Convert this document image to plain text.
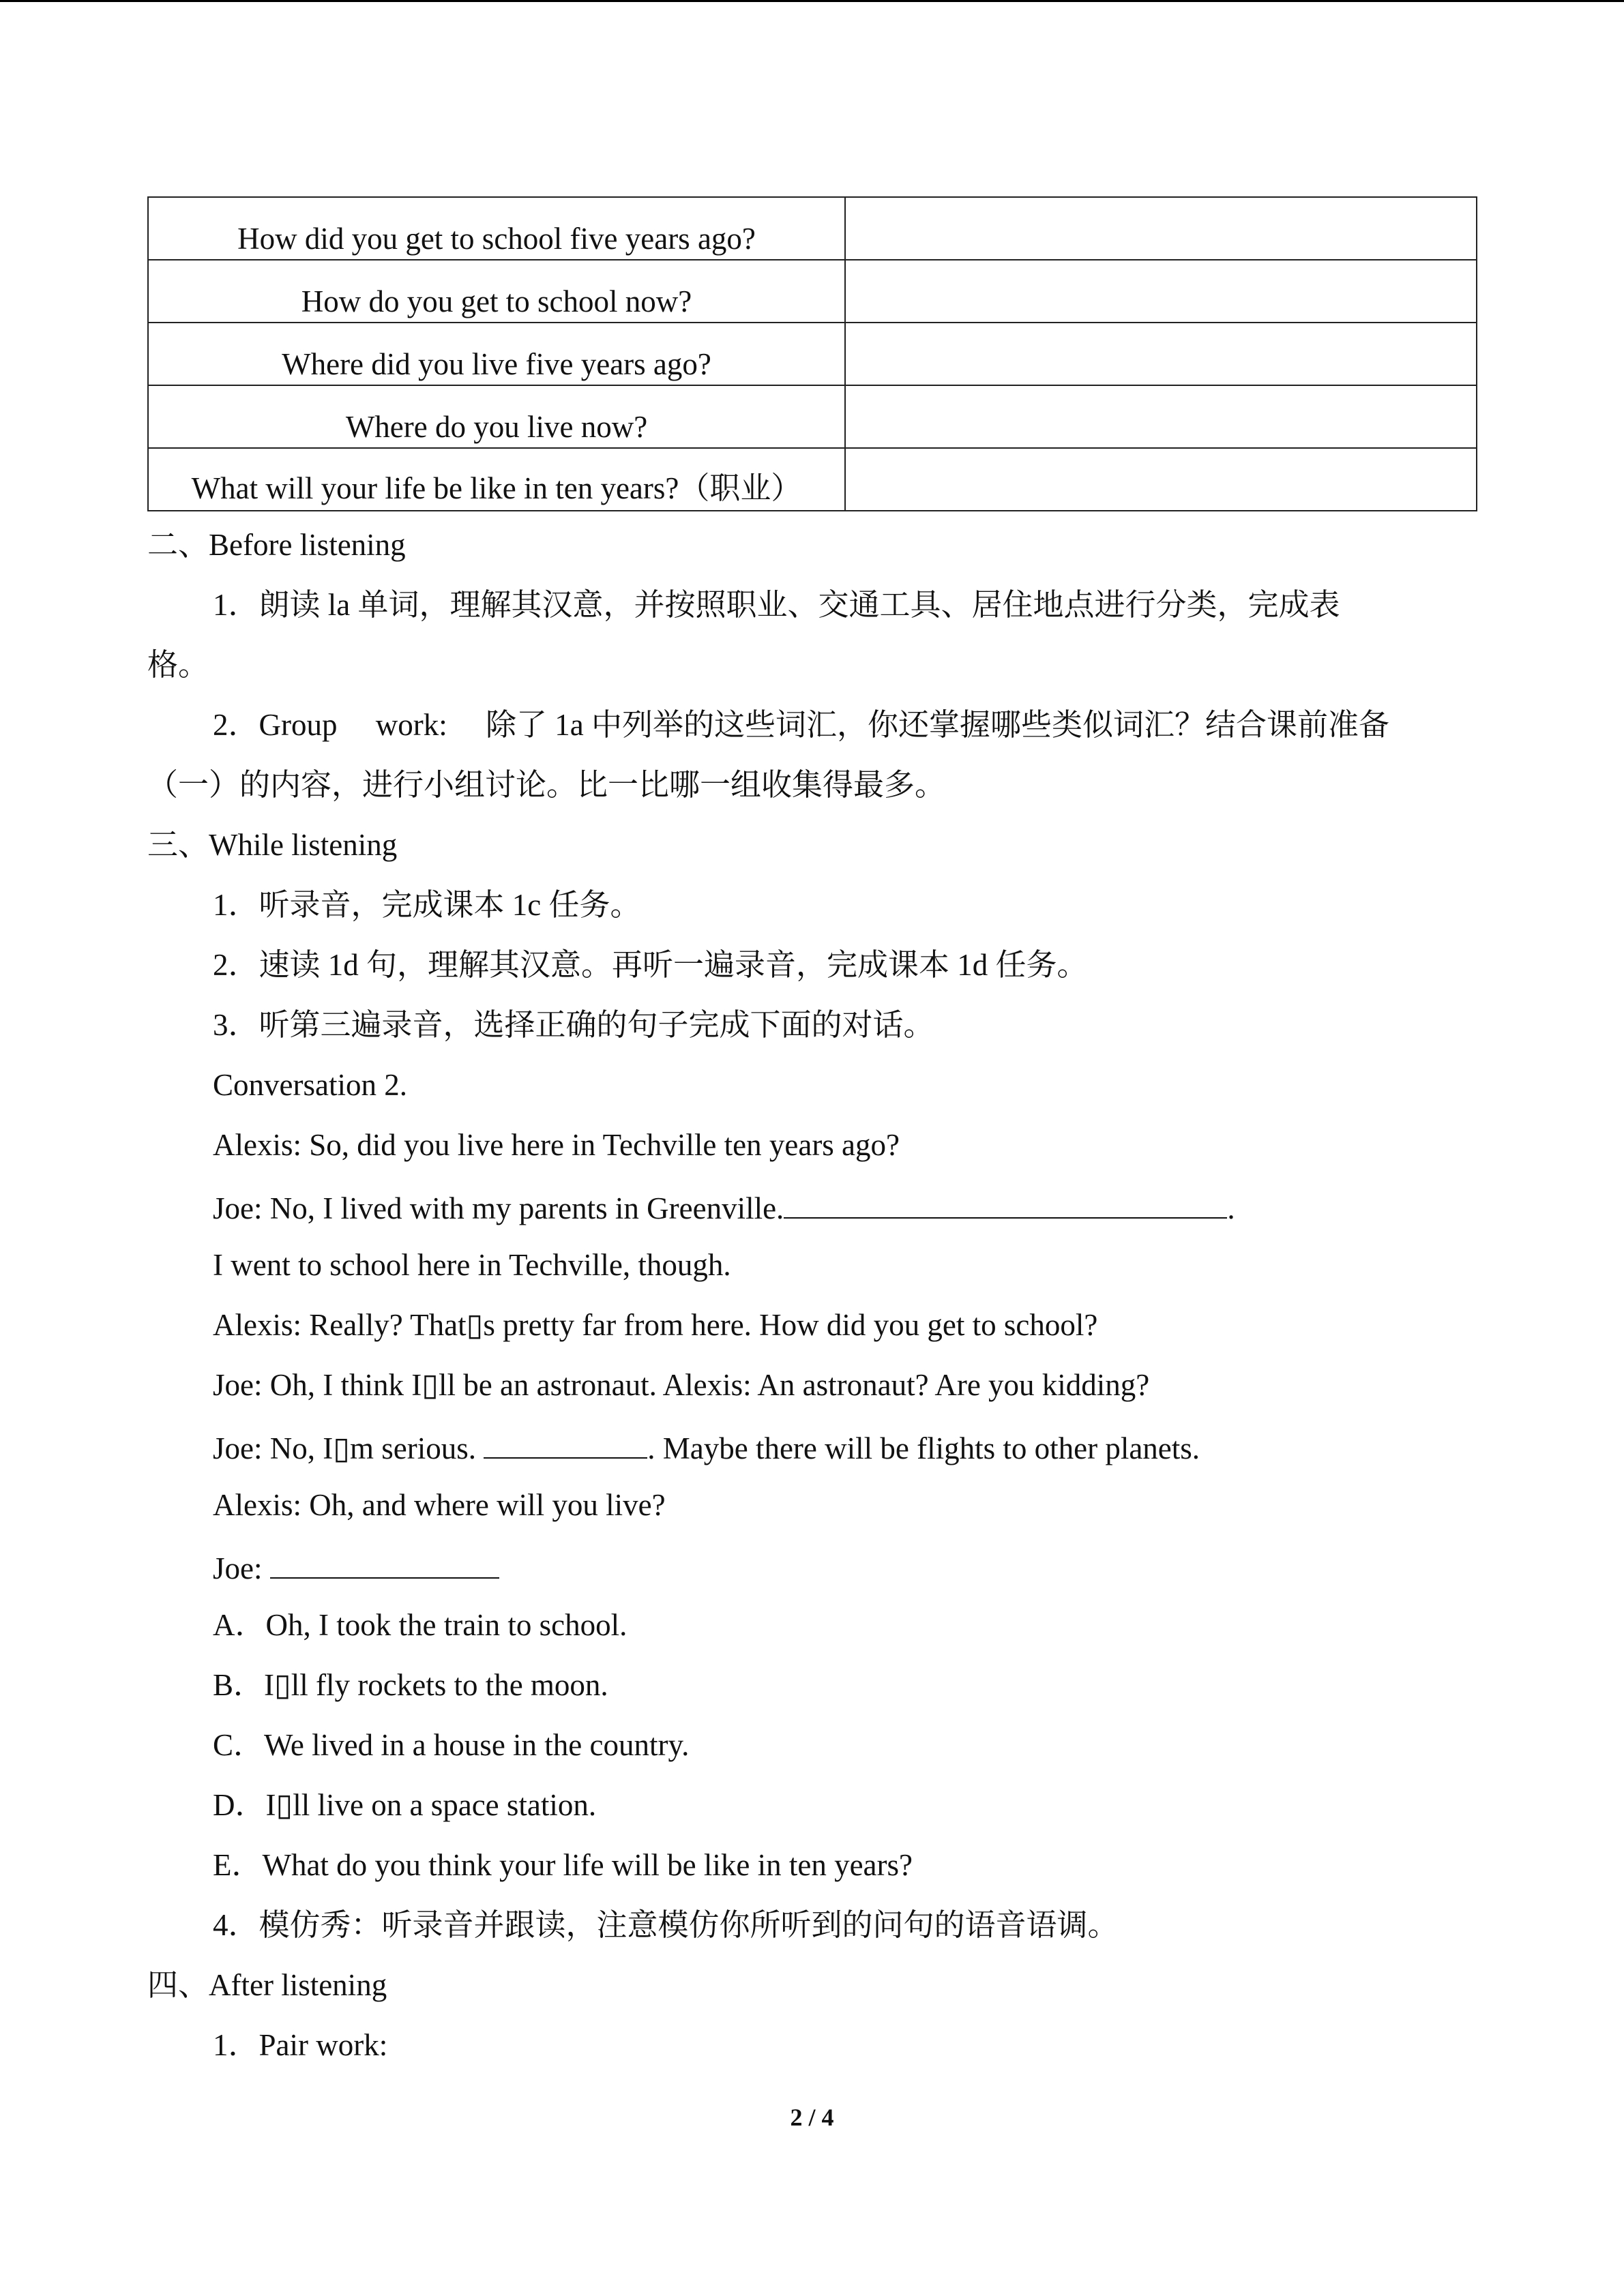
How did you get to school five years ago?	
How do you get to school now?	
Where did you live five years ago?	
Where do you live now?	
What will your life be like in ten years?（职业）	
二、Before listening
1．朗读 la 单词，理解其汉意，并按照职业、交通工具、居住地点进行分类，完成表
格。
2．Group　 work:　 除了 1a 中列举的这些词汇，你还掌握哪些类似词汇？结合课前准备
（一）的内容，进行小组讨论。比一比哪一组收集得最多。
三、While listening
1．听录音，完成课本 1c 任务。
2．速读 1d 句，理解其汉意。再听一遍录音，完成课本 1d 任务。
3．听第三遍录音，选择正确的句子完成下面的对话。
Conversation 2.
Alexis: So, did you live here in Techville ten years ago?
Joe: No, I lived with my parents in Greenville.	.
I went to school here in Techville, though.
Alexis: Really? That▯s pretty far from here. How did you get to school?
Joe: Oh, I think I▯ll be an astronaut. Alexis: An astronaut? Are you kidding?
Joe: No, I▯m serious.	. Maybe there will be flights to other planets.
Alexis: Oh, and where will you live?
Joe:
A．Oh, I took the train to school.
B．I▯ll fly rockets to the moon.
C．We lived in a house in the country.
D．I▯ll live on a space station.
E．What do you think your life will be like in ten years?
4．模仿秀：听录音并跟读，注意模仿你所听到的问句的语音语调。
四、After listening
1．Pair work:
2 / 4
